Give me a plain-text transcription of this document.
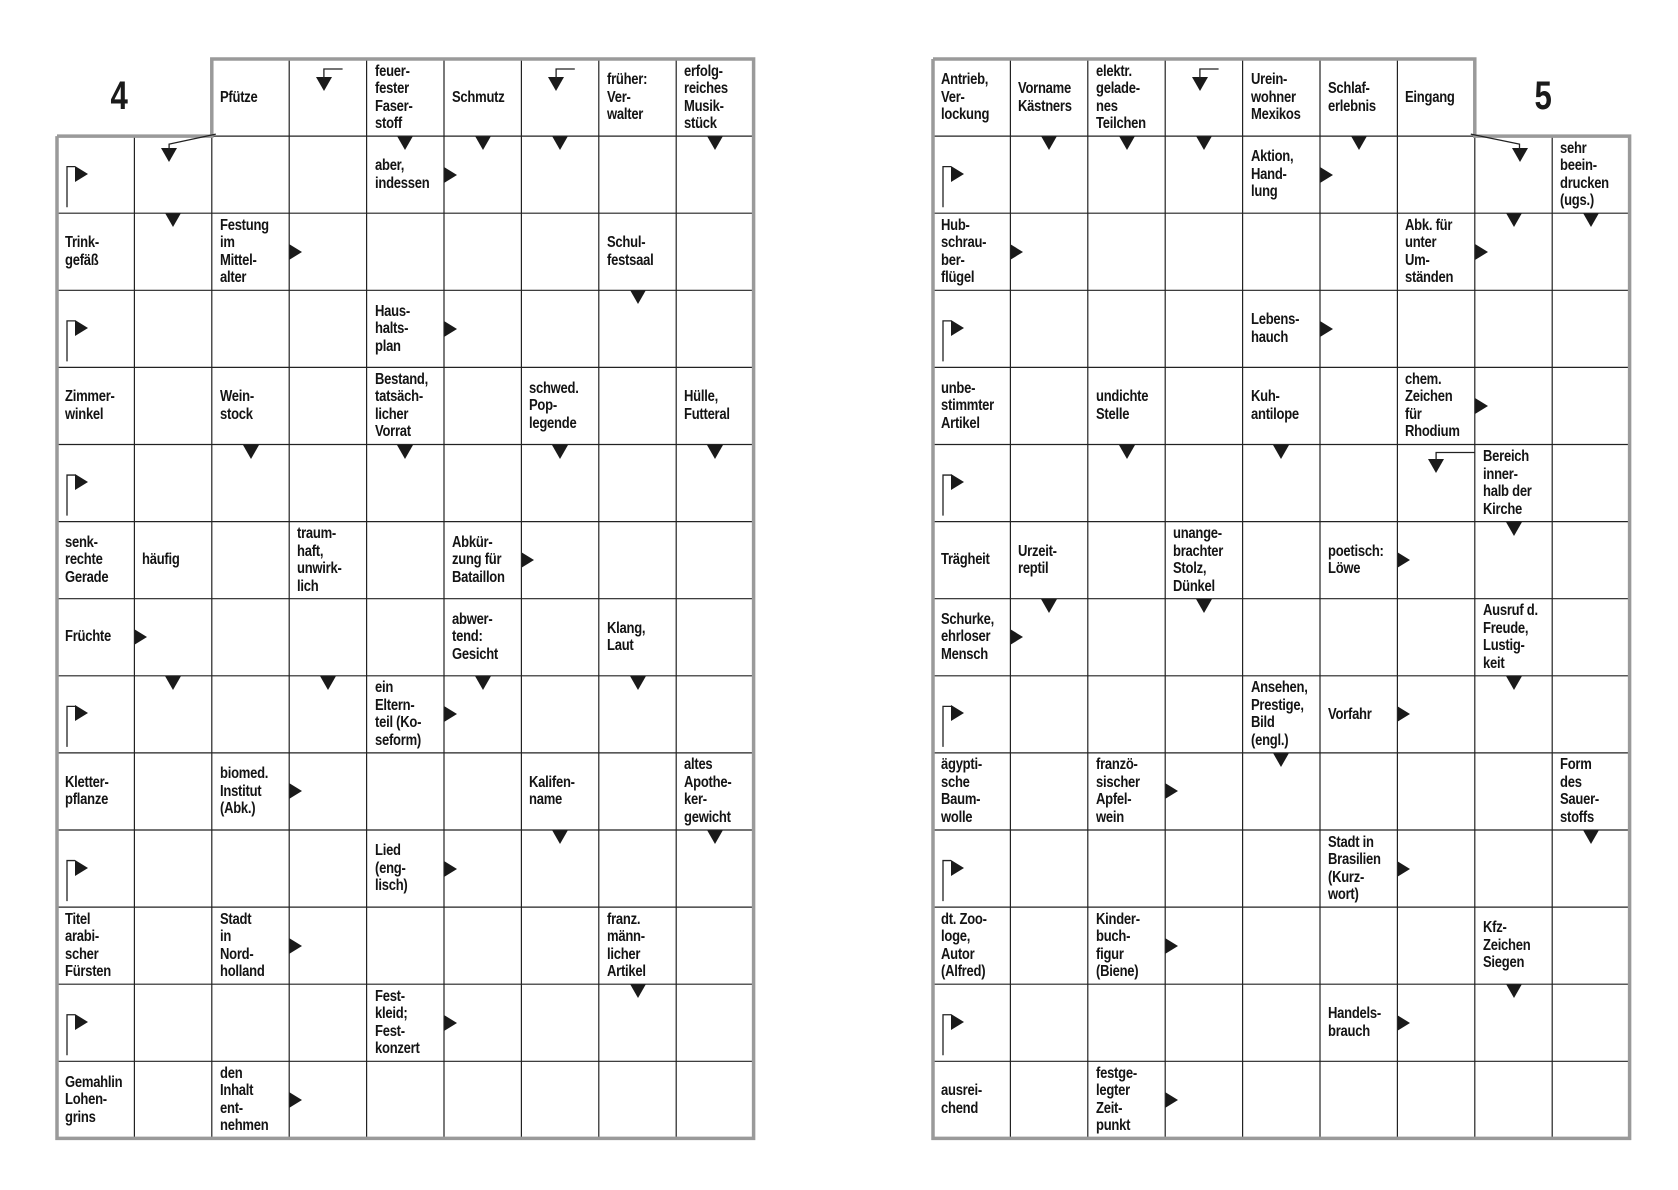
4	Pfütze
feuer-
fester
Faser-
stoff
Schmutz
früher:
Ver-
walter
erfolg-
reiches
Musik-
stück
aber,
indessen
Trink-
gefäß
Festung
im
Mittel-
alter
Schul-
festsaal
Haus-
halts-
plan
Zimmer-
winkel
Wein-
stock
Bestand,
tatsäch-
licher
Vorrat
schwed.
Pop-
legende
Hülle,
Futteral
senk-
rechte
Gerade
häufig
traum-
haft,
unwirk-
lich
Abkür-
zung für
Bataillon
Früchte
abwer-
tend:
Gesicht
Klang,
Laut
ein
Eltern-
teil (Ko-
seform)
Kletter-
pflanze
biomed.
Institut
(Abk.)
Kalifen-
name
altes
Apothe-
ker-
gewicht
Lied
(eng-
lisch)
Titel
arabi-
scher
Fürsten
Stadt
in
Nord-
holland
franz.
männ-
licher
Artikel
Fest-
kleid;
Fest-
konzert
Gemahlin
Lohen-
grins
den
Inhalt
ent-
nehmen
5
Antrieb,
Ver-
lockung
Vorname
Kästners
elektr.
gelade-
nes
Teilchen
Urein-
wohner
Mexikos
Schlaf-
erlebnis
Eingang
Aktion,
Hand-
lung
sehr
beein-
drucken
(ugs.)
Hub-
schrau-
ber-
flügel
Abk. für
unter
Um-
ständen
Lebens-
hauch
unbe-
stimmter
Artikel
undichte
Stelle
Kuh-
antilope
chem.
Zeichen
für
Rhodium
Bereich
inner-
halb der
Kirche
Trägheit
Urzeit-
reptil
unange-
brachter
Stolz,
Dünkel
poetisch:
Löwe
Schurke,
ehrloser
Mensch
Ausruf d.
Freude,
Lustig-
keit
Ansehen,
Prestige,
Bild
(engl.)
Vorfahr
ägypti-
sche
Baum-
wolle
franzö-
sischer
Apfel-
wein
Form
des
Sauer-
stoffs
Stadt in
Brasilien
(Kurz-
wort)
dt. Zoo-
loge,
Autor
(Alfred)
Kinder-
buch-
figur
(Biene)
Kfz-
Zeichen
Siegen
Handels-
brauch
ausrei-
chend
festge-
legter
Zeit-
punkt
